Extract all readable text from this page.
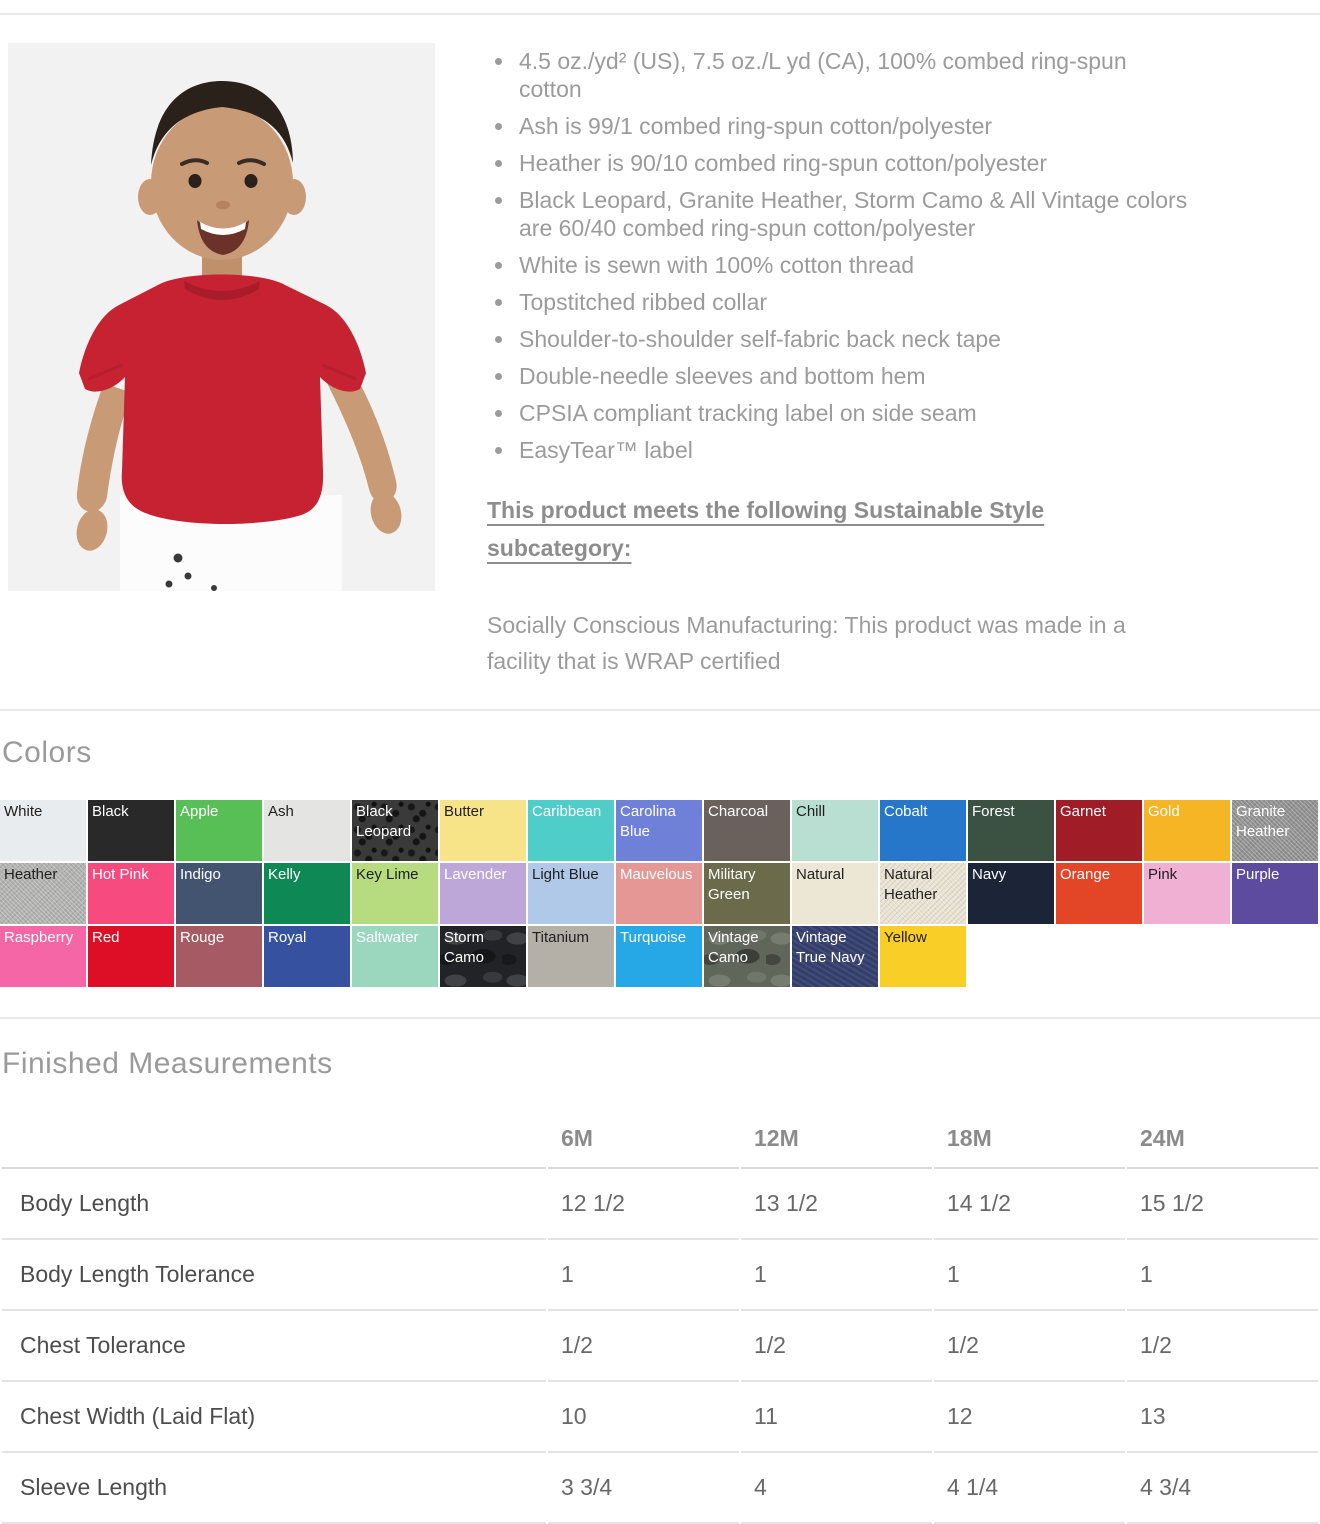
4.5 oz./yd² (US), 7.5 oz./L yd (CA), 100% combed ring-spun cotton
Ash is 99/1 combed ring-spun cotton/polyester
Heather is 90/10 combed ring-spun cotton/polyester
Black Leopard, Granite Heather, Storm Camo & All Vintage colors are 60/40 combed ring-spun cotton/polyester
White is sewn with 100% cotton thread
Topstitched ribbed collar
Shoulder-to-shoulder self-fabric back neck tape
Double-needle sleeves and bottom hem
CPSIA compliant tracking label on side seam
EasyTear™ label
This product meets the following Sustainable Style subcategory:

Socially Conscious Manufacturing: This product was made in a facility that is WRAP certified

Colors
White	Black	Apple	Ash	Black Leopard
Butter	Caribbean	Carolina Blue
Charcoal	Chill	Cobalt	Forest	Garnet	Gold	Granite Heather
Heather	Hot Pink	Indigo	Kelly	Key Lime	Lavender	Light Blue	Mauvelous	Military Green
Natural	Natural Heather
Navy	Orange	Pink	Purple
Raspberry	Red	Rouge	Royal	Saltwater	Storm Camo
Titanium	Turquoise	Vintage Camo
Vintage True Navy
Yellow
Finished Measurements
	6M	12M	18M	24M
Body Length	12 1/2	13 1/2	14 1/2	15 1/2
Body Length Tolerance	1	1	1	1
Chest Tolerance	1/2	1/2	1/2	1/2
Chest Width (Laid Flat)	10	11	12	13
Sleeve Length	3 3/4	4	4 1/4	4 3/4
